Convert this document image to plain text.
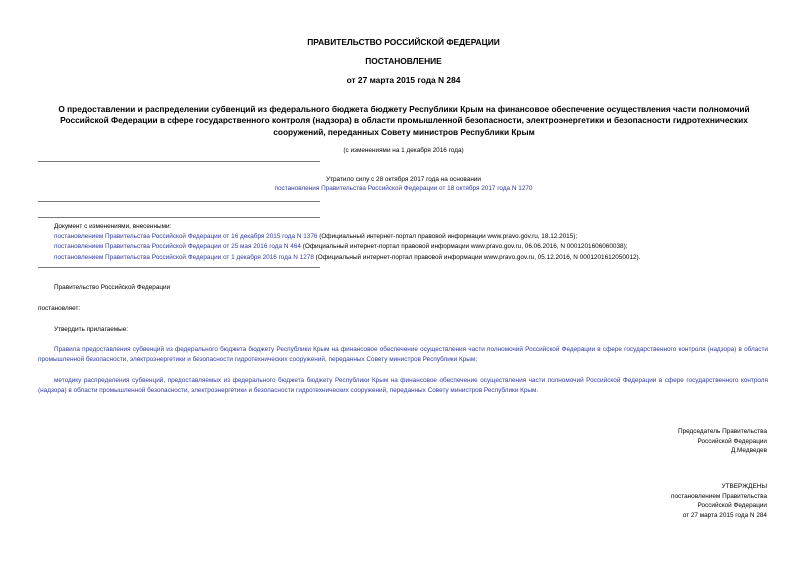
ПРАВИТЕЛЬСТВО РОССИЙСКОЙ ФЕДЕРАЦИИ
ПОСТАНОВЛЕНИЕ
от 27 марта 2015 года N 284
О предоставлении и распределении субвенций из федерального бюджета бюджету Республики Крым на финансовое обеспечение осуществления части полномочий Российской Федерации в сфере государственного контроля (надзора) в области промышленной безопасности, электроэнергетики и безопасности гидротехнических сооружений, переданных Совету министров Республики Крым
(с изменениями на 1 декабря 2016 года)
Утратило силу с 28 октября 2017 года на основании
постановления Правительства Российской Федерации от 18 октября 2017 года N 1270
Документ с изменениями, внесенными:
постановлением Правительства Российской Федерации от 16 декабря 2015 года N 1376 (Официальный интернет-портал правовой информации www.pravo.gov.ru, 18.12.2015);
постановлением Правительства Российской Федерации от 25 мая 2016 года N 464 (Официальный интернет-портал правовой информации www.pravo.gov.ru, 06.06.2016, N 0001201606060038);
постановлением Правительства Российской Федерации от 1 декабря 2016 года N 1278 (Официальный интернет-портал правовой информации www.pravo.gov.ru, 05.12.2016, N 0001201612050012).
Правительство Российской Федерации
постановляет:
Утвердить прилагаемые:
Правила предоставления субвенций из федерального бюджета бюджету Республики Крым на финансовое обеспечение осуществления части полномочий Российской Федерации в сфере государственного контроля (надзора) в области промышленной безопасности, электроэнергетики и безопасности гидротехнических сооружений, переданных Совету министров Республики Крым;
методику распределения субвенций, предоставляемых из федерального бюджета бюджету Республики Крым на финансовое обеспечение осуществления части полномочий Российской Федерации в сфере государственного контроля (надзора) в области промышленной безопасности, электроэнергетики и безопасности гидротехнических сооружений, переданных Совету министров Республики Крым.
Председатель Правительства
Российской Федерации
Д.Медведев
УТВЕРЖДЕНЫ
постановлением Правительства
Российской Федерации
от 27 марта 2015 года N 284
